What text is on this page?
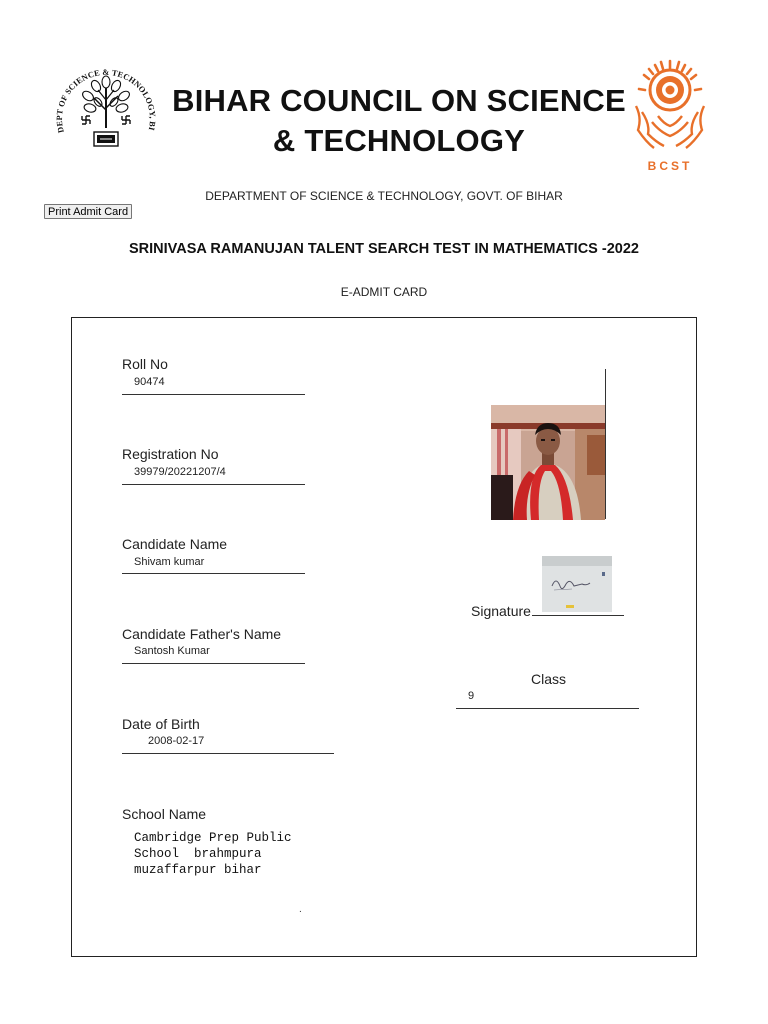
DEPT OF SCIENCE & TECHNOLOGY, BI
BIHAR COUNCIL ON SCIENCE
& TECHNOLOGY
BCST
DEPARTMENT OF SCIENCE & TECHNOLOGY, GOVT. OF BIHAR
Print Admit Card
SRINIVASA RAMANUJAN TALENT SEARCH TEST IN MATHEMATICS -2022
E-ADMIT CARD
Roll No
90474
Registration No
39979/20221207/4
Candidate Name
Shivam kumar
Candidate Father's Name
Santosh Kumar
Date of Birth
2008-02-17
School Name
Cambridge Prep Public
School  brahmpura
muzaffarpur bihar
.
Signature
Class
9
